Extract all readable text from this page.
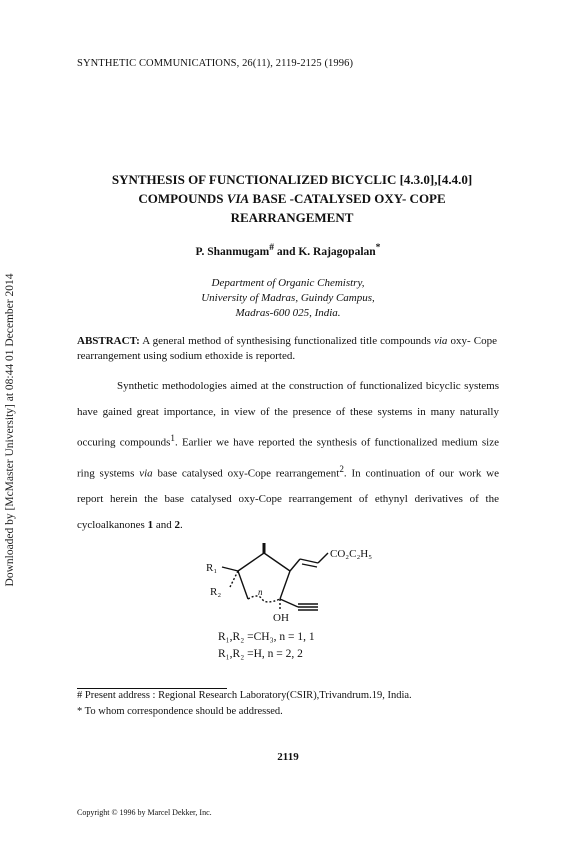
Downloaded by [McMaster University] at 08:44 01 December 2014
SYNTHETIC COMMUNICATIONS, 26(11), 2119-2125 (1996)
SYNTHESIS OF FUNCTIONALIZED BICYCLIC [4.3.0],[4.4.0]
COMPOUNDS VIA BASE -CATALYSED OXY- COPE
REARRANGEMENT
P. Shanmugam# and K. Rajagopalan*
Department of Organic Chemistry,
University of Madras, Guindy Campus,
Madras-600 025, India.
ABSTRACT: A general method of synthesising functionalized title compounds via oxy- Cope rearrangement using sodium ethoxide is reported.

Synthetic methodologies aimed at the construction of functionalized bicyclic systems have gained great importance, in view of the presence of these systems in many naturally occuring compounds$^1$. Earlier we have reported the synthesis of functionalized medium size ring systems via base catalysed oxy-Cope rearrangement$^2$. In continuation of our work we report herein the base catalysed oxy-Cope rearrangement of ethynyl derivatives of the cycloalkanones 1 and 2.

CO₂C₂H₅
R₁
R₂	n
OH
R₁,R₂ =CH₃, n = 1, 1
R₁,R₂ =H, n = 2, 2
# Present address : Regional Research Laboratory(CSIR),Trivandrum.19, India.
* To whom correspondence should be addressed.
2119
Copyright © 1996 by Marcel Dekker, Inc.
